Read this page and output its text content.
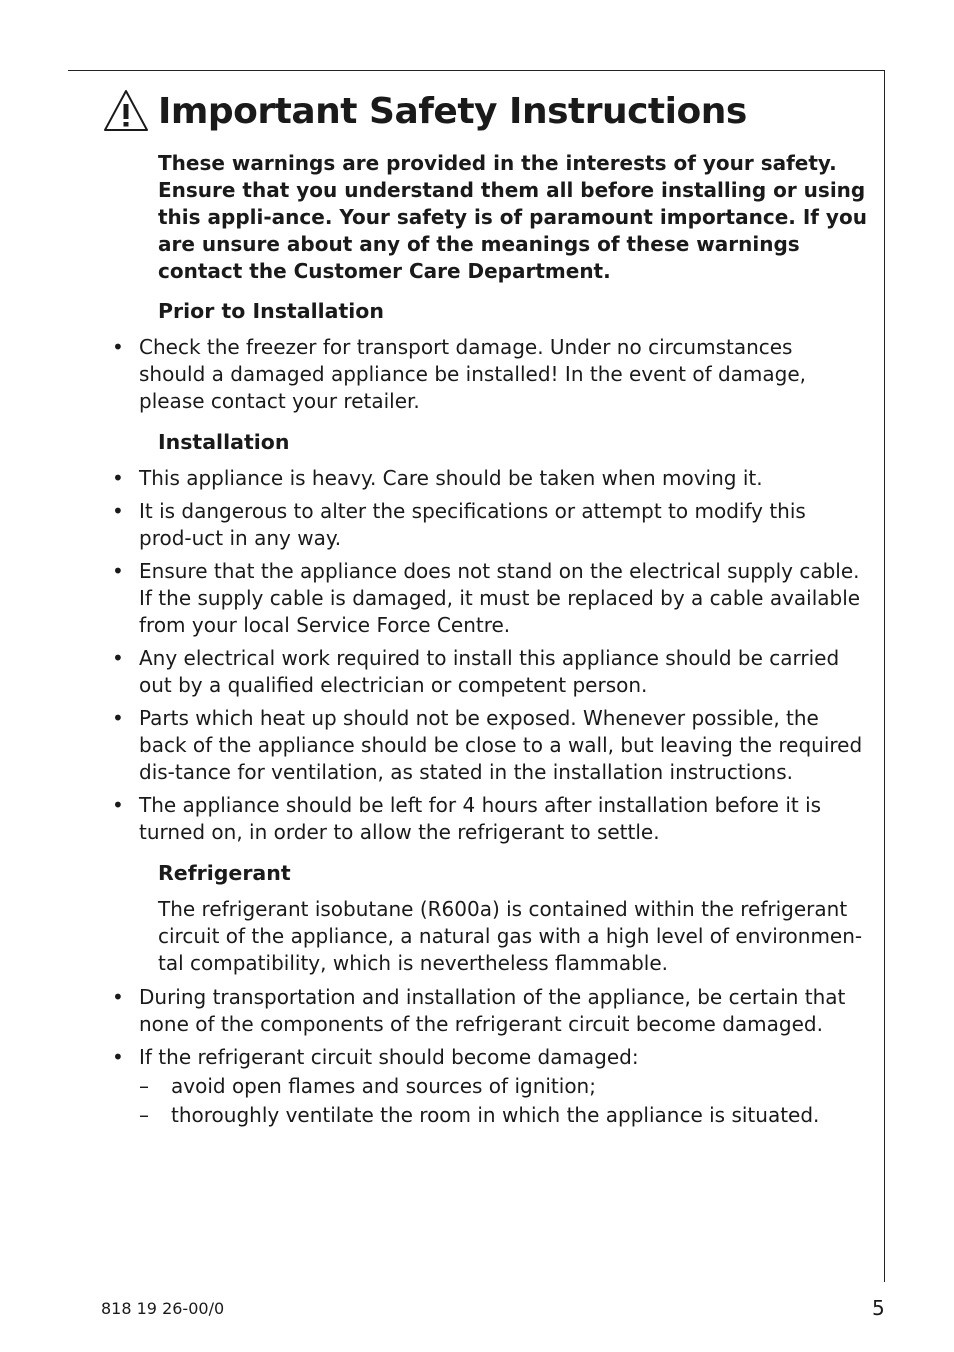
Important Safety Instructions
These warnings are provided in the interests of your safety. Ensure that you understand them all before installing or using this appli-ance. Your safety is of paramount importance. If you are unsure about any of the meanings of these warnings contact the Customer Care Department.
Prior to Installation
• Check the freezer for transport damage. Under no circumstances should a damaged appliance be installed! In the event of damage, please contact your retailer.
Installation
• This appliance is heavy. Care should be taken when moving it.
• It is dangerous to alter the specifications or attempt to modify this prod-uct in any way.
• Ensure that the appliance does not stand on the electrical supply cable. If the supply cable is damaged, it must be replaced by a cable available from your local Service Force Centre.
• Any electrical work required to install this appliance should be carried out by a qualified electrician or competent person.
• Parts which heat up should not be exposed. Whenever possible, the back of the appliance should be close to a wall, but leaving the required dis-tance for ventilation, as stated in the installation instructions.
• The appliance should be left for 4 hours after installation before it is turned on, in order to allow the refrigerant to settle.
Refrigerant
The refrigerant isobutane (R600a) is contained within the refrigerant circuit of the appliance, a natural gas with a high level of environmen-tal compatibility, which is nevertheless flammable.
• During transportation and installation of the appliance, be certain that none of the components of the refrigerant circuit become damaged.
• If the refrigerant circuit should become damaged:
– avoid open flames and sources of ignition;
– thoroughly ventilate the room in which the appliance is situated.
818 19 26-00/0	5
